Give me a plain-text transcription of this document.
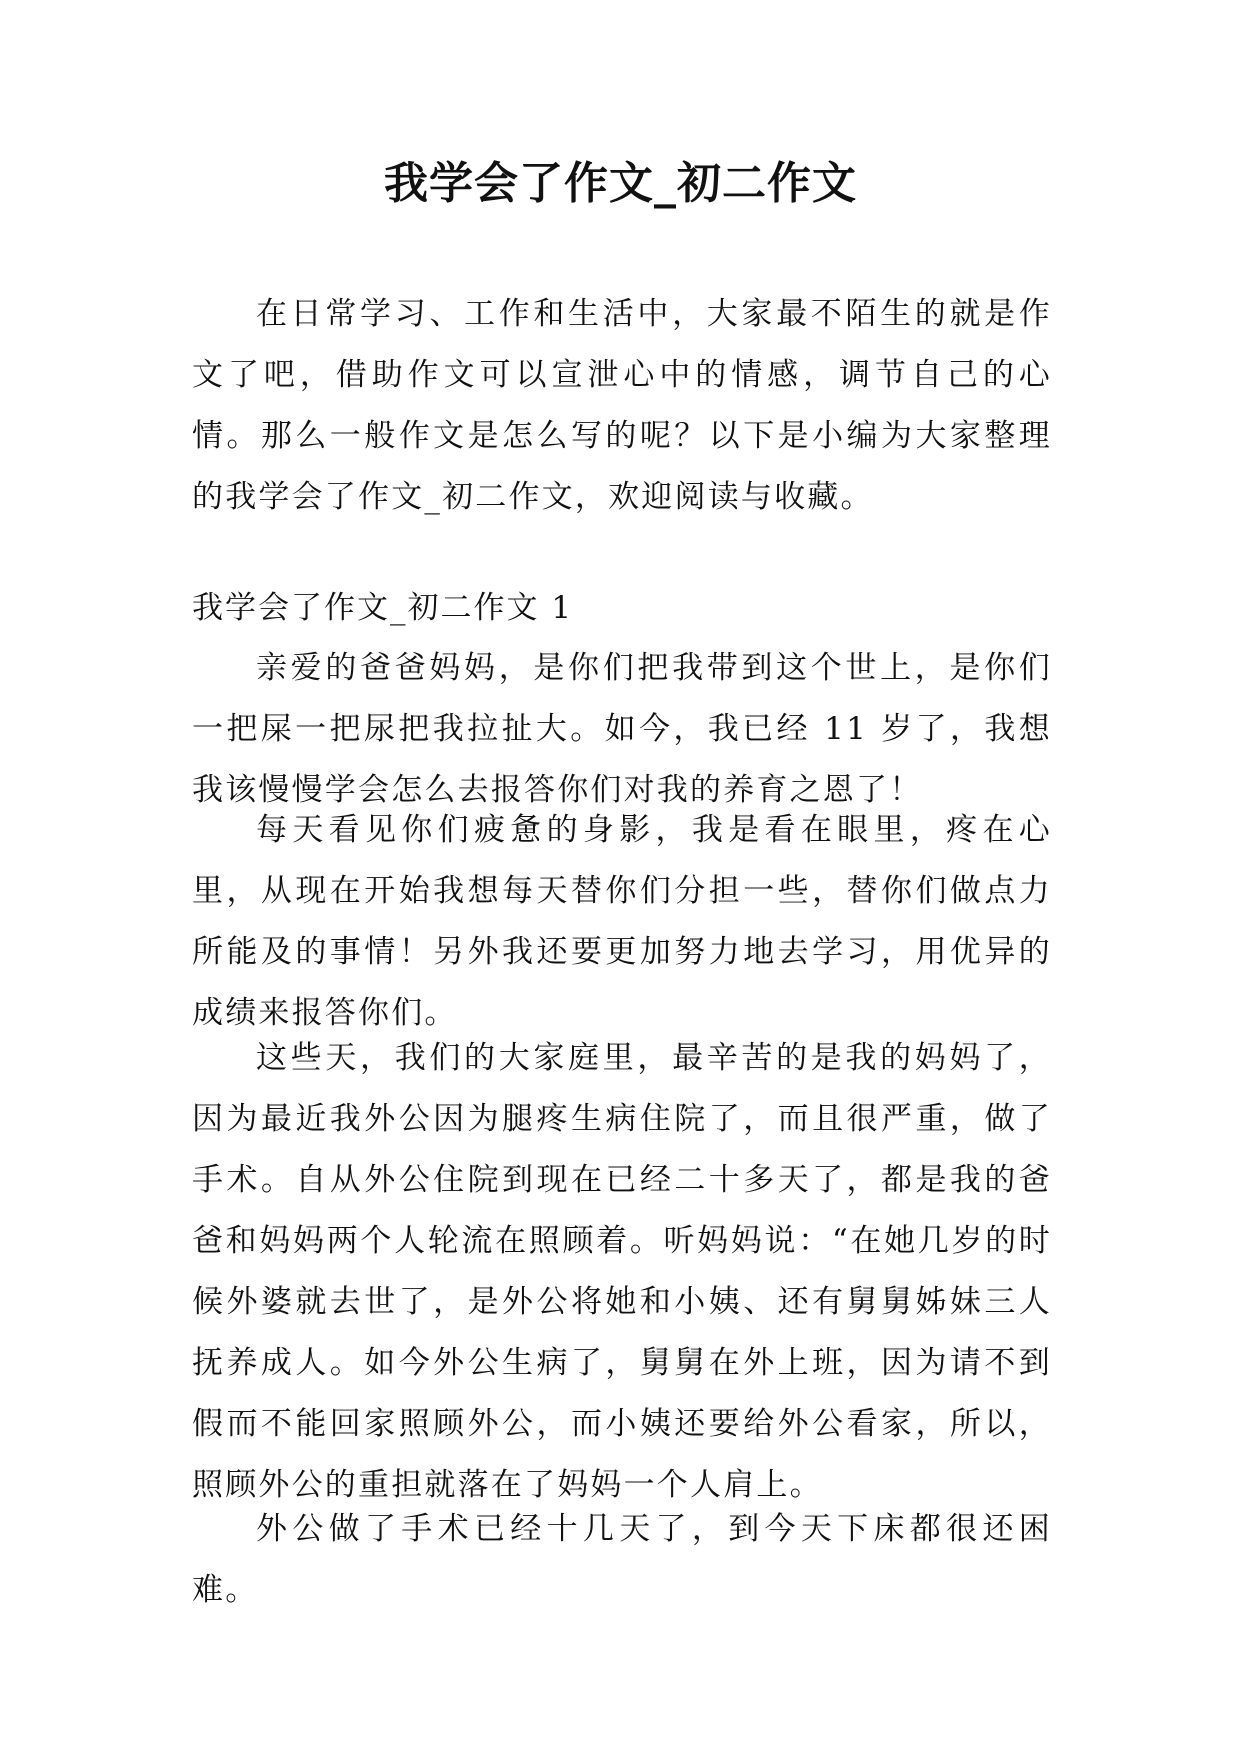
我学会了作文_初二作文

在日常学习、工作和生活中，大家最不陌生的就是作文了吧，借助作文可以宣泄心中的情感，调节自己的心情。那么一般作文是怎么写的呢？以下是小编为大家整理的我学会了作文_初二作文，欢迎阅读与收藏。

我学会了作文_初二作文 1

亲爱的爸爸妈妈，是你们把我带到这个世上，是你们一把屎一把尿把我拉扯大。如今，我已经 11 岁了，我想我该慢慢学会怎么去报答你们对我的养育之恩了！

每天看见你们疲惫的身影，我是看在眼里，疼在心里，从现在开始我想每天替你们分担一些，替你们做点力所能及的事情！另外我还要更加努力地去学习，用优异的成绩来报答你们。

这些天，我们的大家庭里，最辛苦的是我的妈妈了，因为最近我外公因为腿疼生病住院了，而且很严重，做了手术。自从外公住院到现在已经二十多天了，都是我的爸爸和妈妈两个人轮流在照顾着。听妈妈说：“在她几岁的时候外婆就去世了，是外公将她和小姨、还有舅舅姊妹三人抚养成人。如今外公生病了，舅舅在外上班，因为请不到假而不能回家照顾外公，而小姨还要给外公看家，所以，照顾外公的重担就落在了妈妈一个人肩上。

外公做了手术已经十几天了，到今天下床都很还困难。
